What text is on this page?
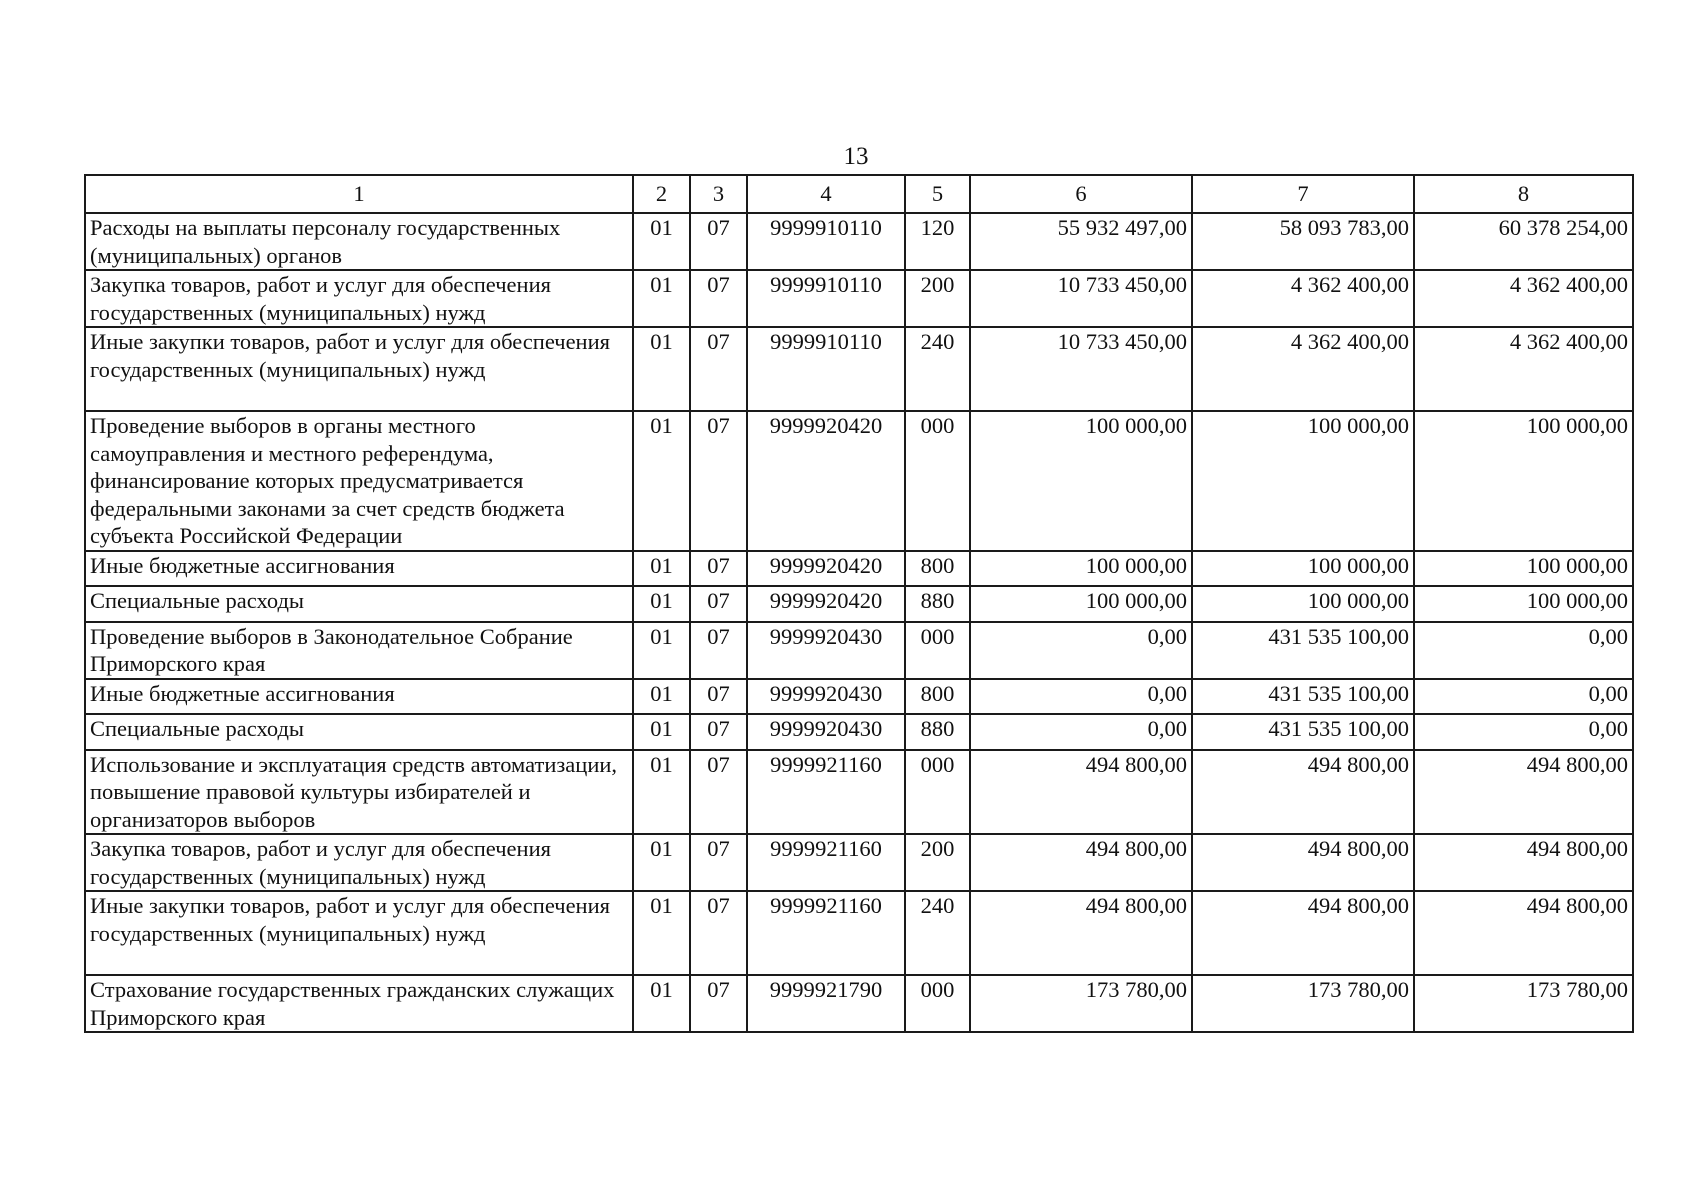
13
1	2	3	4	5	6	7	8
Расходы на выплаты персоналу государственных (муниципальных) органов	01	07	9999910110	120	55 932 497,00	58 093 783,00	60 378 254,00
Закупка товаров, работ и услуг для обеспечения государственных (муниципальных) нужд	01	07	9999910110	200	10 733 450,00	4 362 400,00	4 362 400,00
Иные закупки товаров, работ и услуг для обеспечения государственных (муниципальных) нужд	01	07	9999910110	240	10 733 450,00	4 362 400,00	4 362 400,00
Проведение выборов в органы местного самоуправления и местного референдума, финансирование которых предусматривается федеральными законами за счет средств бюджета субъекта Российской Федерации	01	07	9999920420	000	100 000,00	100 000,00	100 000,00
Иные бюджетные ассигнования	01	07	9999920420	800	100 000,00	100 000,00	100 000,00
Специальные расходы	01	07	9999920420	880	100 000,00	100 000,00	100 000,00
Проведение выборов в Законодательное Собрание Приморского края	01	07	9999920430	000	0,00	431 535 100,00	0,00
Иные бюджетные ассигнования	01	07	9999920430	800	0,00	431 535 100,00	0,00
Специальные расходы	01	07	9999920430	880	0,00	431 535 100,00	0,00
Использование и эксплуатация средств автоматизации, повышение правовой культуры избирателей и организаторов выборов	01	07	9999921160	000	494 800,00	494 800,00	494 800,00
Закупка товаров, работ и услуг для обеспечения государственных (муниципальных) нужд	01	07	9999921160	200	494 800,00	494 800,00	494 800,00
Иные закупки товаров, работ и услуг для обеспечения государственных (муниципальных) нужд	01	07	9999921160	240	494 800,00	494 800,00	494 800,00
Страхование государственных гражданских служащих Приморского края	01	07	9999921790	000	173 780,00	173 780,00	173 780,00
